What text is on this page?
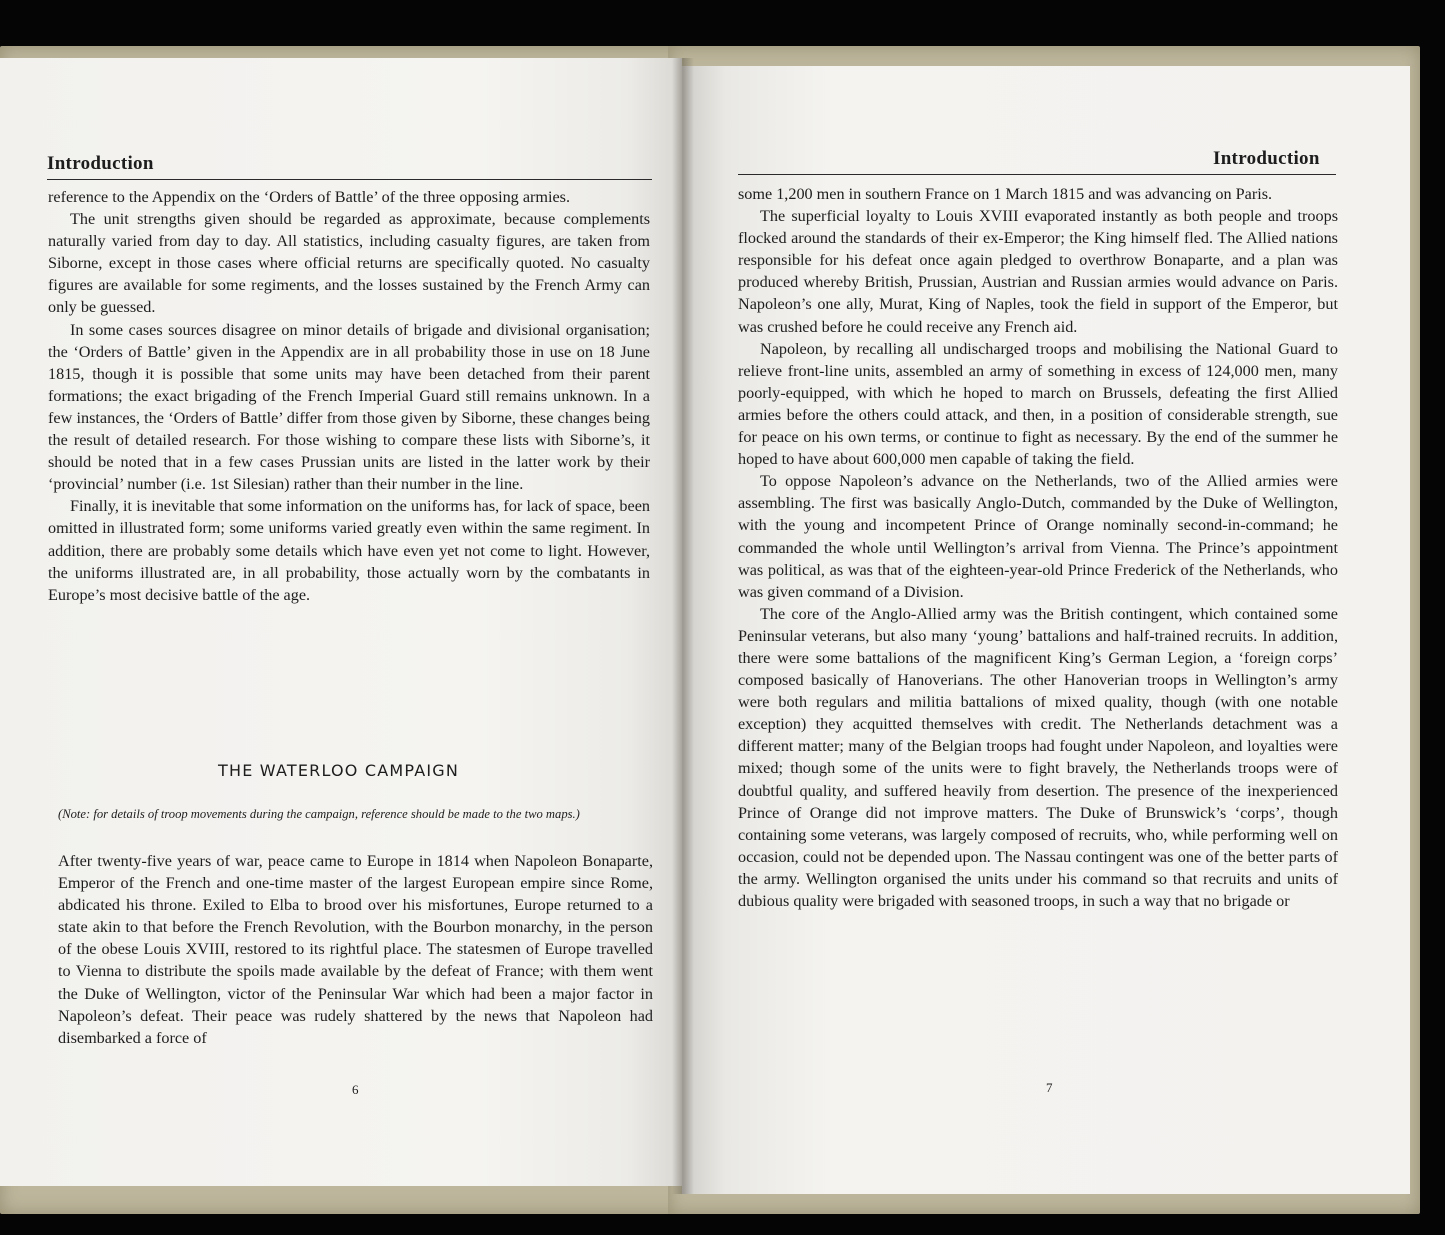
Introduction

reference to the Appendix on the ‘Orders of Battle’ of the three opposing armies.

The unit strengths given should be regarded as approximate, because complements naturally varied from day to day. All statistics, including casualty figures, are taken from Siborne, except in those cases where official returns are specifically quoted. No casualty figures are available for some regiments, and the losses sustained by the French Army can only be guessed.

In some cases sources disagree on minor details of brigade and divisional organisation; the ‘Orders of Battle’ given in the Appendix are in all probability those in use on 18 June 1815, though it is possible that some units may have been detached from their parent formations; the exact brigading of the French Imperial Guard still remains unknown. In a few instances, the ‘Orders of Battle’ differ from those given by Siborne, these changes being the result of detailed research. For those wishing to compare these lists with Siborne’s, it should be noted that in a few cases Prussian units are listed in the latter work by their ‘provincial’ number (i.e. 1st Silesian) rather than their number in the line.

Finally, it is inevitable that some information on the uniforms has, for lack of space, been omitted in illustrated form; some uniforms varied greatly even within the same regiment. In addition, there are probably some details which have even yet not come to light. However, the uniforms illustrated are, in all probability, those actually worn by the combatants in Europe’s most decisive battle of the age.

THE WATERLOO CAMPAIGN
(Note: for details of troop movements during the campaign, reference should be made to the two maps.)

After twenty-five years of war, peace came to Europe in 1814 when Napoleon Bonaparte, Emperor of the French and one-time master of the largest European empire since Rome, abdicated his throne. Exiled to Elba to brood over his misfortunes, Europe returned to a state akin to that before the French Revolution, with the Bourbon monarchy, in the person of the obese Louis XVIII, restored to its rightful place. The statesmen of Europe travelled to Vienna to distribute the spoils made available by the defeat of France; with them went the Duke of Wellington, victor of the Peninsular War which had been a major factor in Napoleon’s defeat. Their peace was rudely shattered by the news that Napoleon had disembarked a force of

6
Introduction

some 1,200 men in southern France on 1 March 1815 and was advancing on Paris.

The superficial loyalty to Louis XVIII evaporated instantly as both people and troops flocked around the standards of their ex-Emperor; the King himself fled. The Allied nations responsible for his defeat once again pledged to overthrow Bonaparte, and a plan was produced whereby British, Prussian, Austrian and Russian armies would advance on Paris. Napoleon’s one ally, Murat, King of Naples, took the field in support of the Emperor, but was crushed before he could receive any French aid.

Napoleon, by recalling all undischarged troops and mobilising the National Guard to relieve front-line units, assembled an army of something in excess of 124,000 men, many poorly-equipped, with which he hoped to march on Brussels, defeating the first Allied armies before the others could attack, and then, in a position of considerable strength, sue for peace on his own terms, or continue to fight as necessary. By the end of the summer he hoped to have about 600,000 men capable of taking the field.

To oppose Napoleon’s advance on the Netherlands, two of the Allied armies were assembling. The first was basically Anglo-Dutch, commanded by the Duke of Wellington, with the young and incompetent Prince of Orange nominally second-in-command; he commanded the whole until Wellington’s arrival from Vienna. The Prince’s appointment was political, as was that of the eighteen-year-old Prince Frederick of the Netherlands, who was given command of a Division.

The core of the Anglo-Allied army was the British contingent, which contained some Peninsular veterans, but also many ‘young’ battalions and half-trained recruits. In addition, there were some battalions of the magnificent King’s German Legion, a ‘foreign corps’ composed basically of Hanoverians. The other Hanoverian troops in Wellington’s army were both regulars and militia battalions of mixed quality, though (with one notable exception) they acquitted themselves with credit. The Netherlands detachment was a different matter; many of the Belgian troops had fought under Napoleon, and loyalties were mixed; though some of the units were to fight bravely, the Netherlands troops were of doubtful quality, and suffered heavily from desertion. The presence of the inexperienced Prince of Orange did not improve matters. The Duke of Brunswick’s ‘corps’, though containing some veterans, was largely composed of recruits, who, while performing well on occasion, could not be depended upon. The Nassau contingent was one of the better parts of the army. Wellington organised the units under his command so that recruits and units of dubious quality were brigaded with seasoned troops, in such a way that no brigade or

7
